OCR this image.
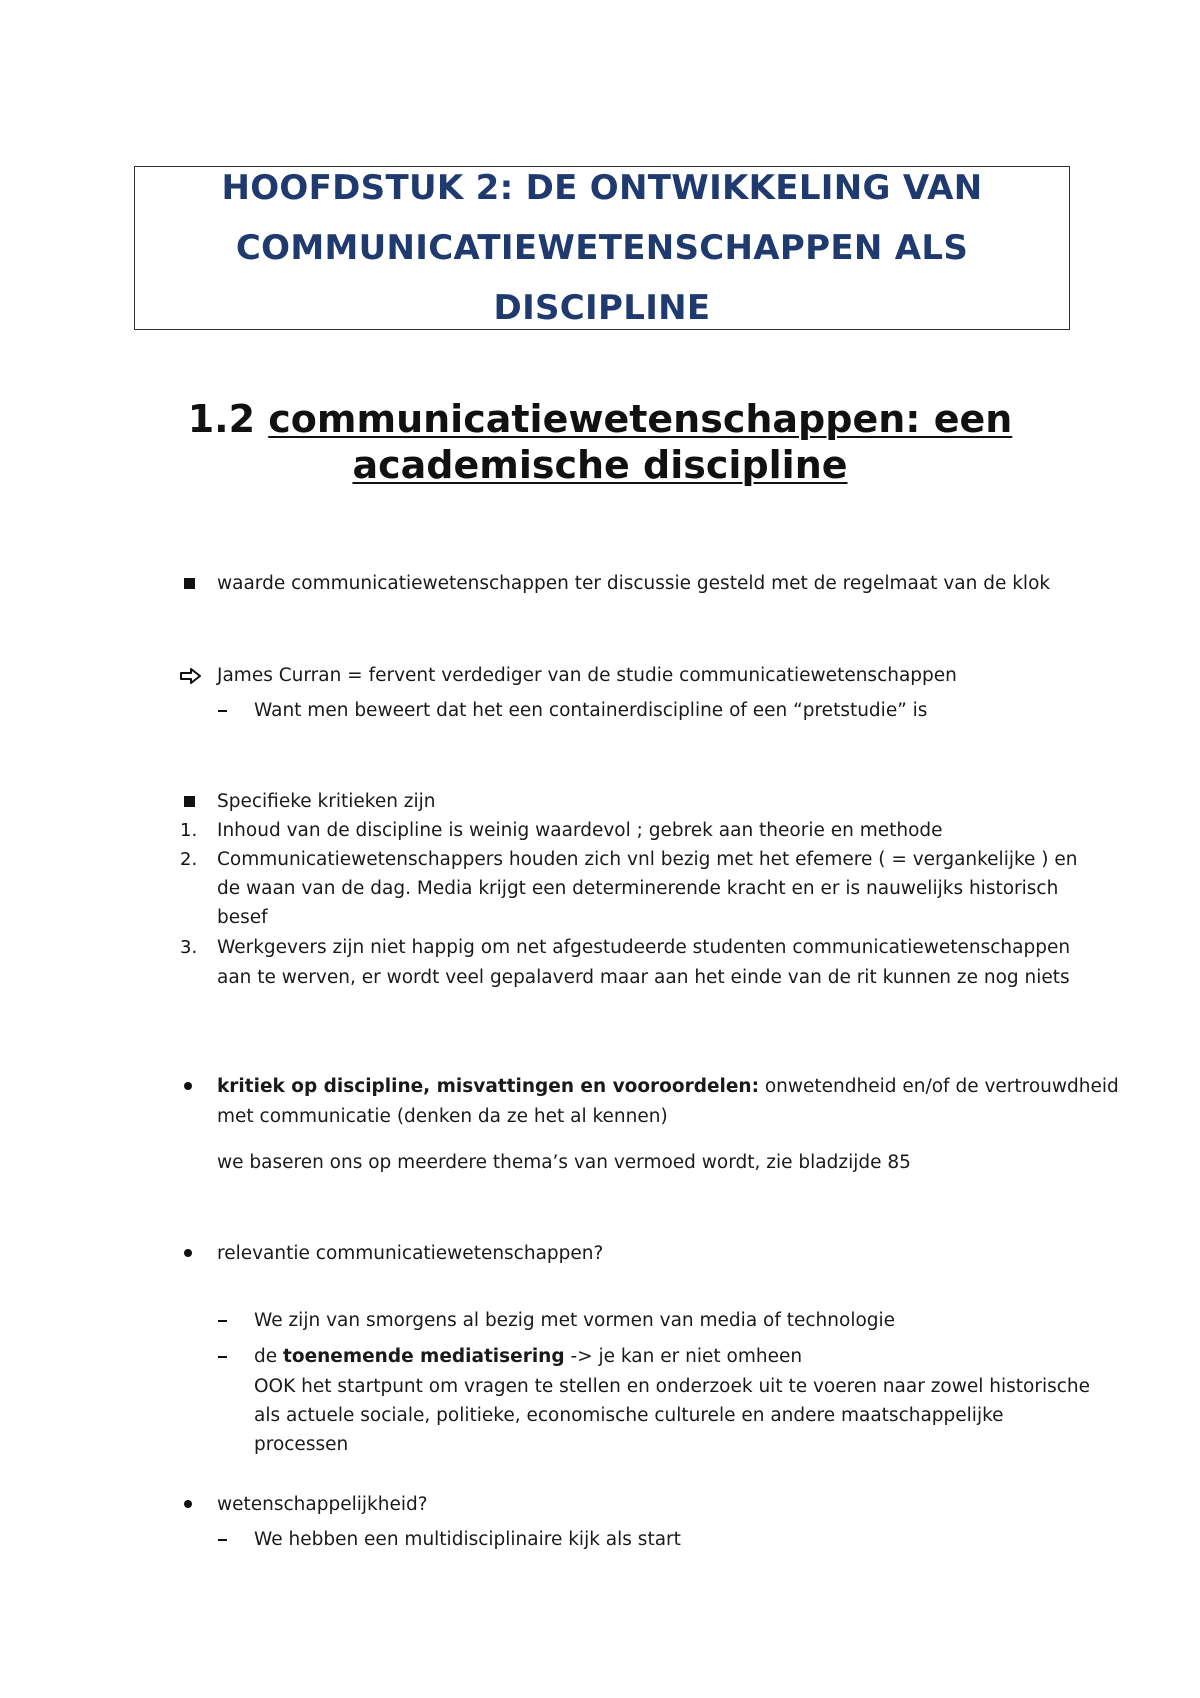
HOOFDSTUK 2: DE ONTWIKKELING VAN
COMMUNICATIEWETENSCHAPPEN ALS
DISCIPLINE
1.2 communicatiewetenschappen: een
academische discipline
waarde communicatiewetenschappen ter discussie gesteld met de regelmaat van de klok
James Curran = fervent verdediger van de studie communicatiewetenschappen
Want men beweert dat het een containerdiscipline of een “pretstudie” is
Specifieke kritieken zijn
1. Inhoud van de discipline is weinig waardevol ; gebrek aan theorie en methode
2. Communicatiewetenschappers houden zich vnl bezig met het efemere ( = vergankelijke ) en
de waan van de dag. Media krijgt een determinerende kracht en er is nauwelijks historisch
besef
3. Werkgevers zijn niet happig om net afgestudeerde studenten communicatiewetenschappen
aan te werven, er wordt veel gepalaverd maar aan het einde van de rit kunnen ze nog niets
kritiek op discipline, misvattingen en vooroordelen: onwetendheid en/of de vertrouwdheid
met communicatie (denken da ze het al kennen)
we baseren ons op meerdere thema’s van vermoed wordt, zie bladzijde 85
relevantie communicatiewetenschappen?
We zijn van smorgens al bezig met vormen van media of technologie
de toenemende mediatisering -> je kan er niet omheen
OOK het startpunt om vragen te stellen en onderzoek uit te voeren naar zowel historische
als actuele sociale, politieke, economische culturele en andere maatschappelijke
processen
wetenschappelijkheid?
We hebben een multidisciplinaire kijk als start
